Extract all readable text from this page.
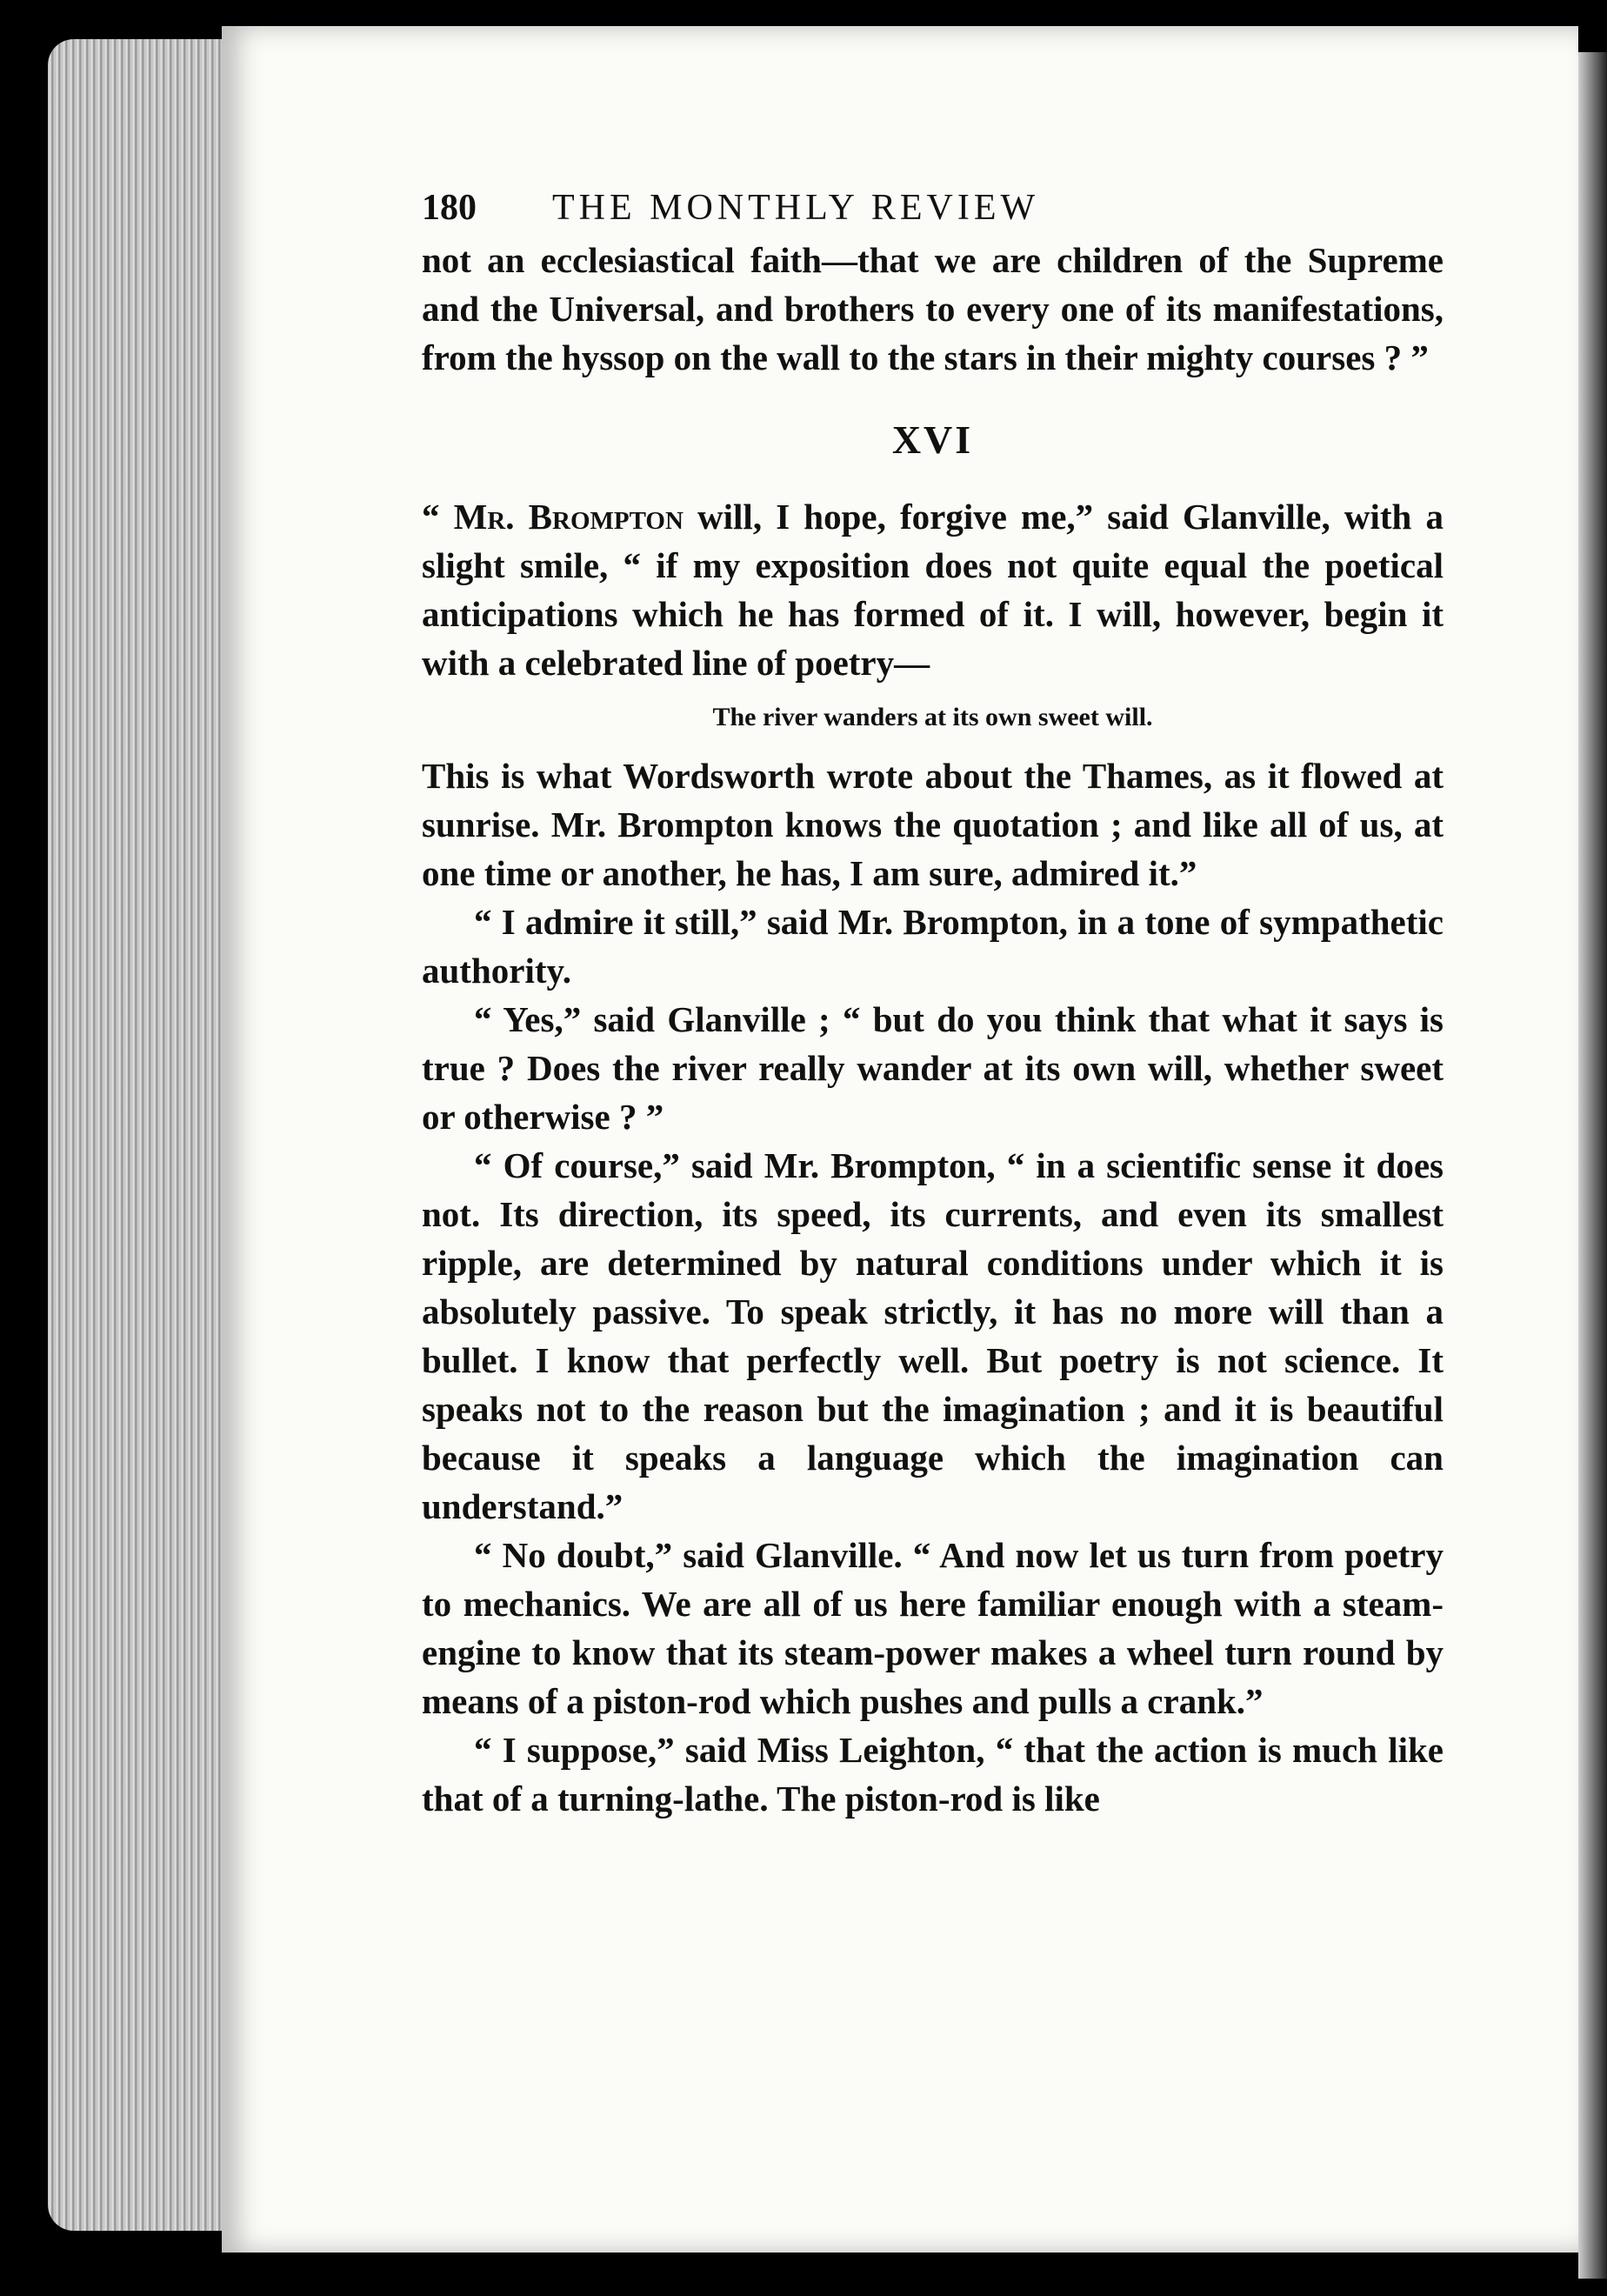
180	THE MONTHLY REVIEW

not an ecclesiastical faith—that we are children of the Supreme and the Universal, and brothers to every one of its manifestations, from the hyssop on the wall to the stars in their mighty courses ? ”

XVI

“ Mr. Brompton will, I hope, forgive me,” said Glanville, with a slight smile, “ if my exposition does not quite equal the poetical anticipations which he has formed of it. I will, however, begin it with a celebrated line of poetry—

The river wanders at its own sweet will.

This is what Wordsworth wrote about the Thames, as it flowed at sunrise. Mr. Brompton knows the quotation ; and like all of us, at one time or another, he has, I am sure, admired it.”

“ I admire it still,” said Mr. Brompton, in a tone of sympathetic authority.

“ Yes,” said Glanville ; “ but do you think that what it says is true ? Does the river really wander at its own will, whether sweet or otherwise ? ”

“ Of course,” said Mr. Brompton, “ in a scientific sense it does not. Its direction, its speed, its currents, and even its smallest ripple, are determined by natural conditions under which it is absolutely passive. To speak strictly, it has no more will than a bullet. I know that perfectly well. But poetry is not science. It speaks not to the reason but the imagination ; and it is beautiful because it speaks a language which the imagination can understand.”

“ No doubt,” said Glanville. “ And now let us turn from poetry to mechanics. We are all of us here familiar enough with a steam-engine to know that its steam-power makes a wheel turn round by means of a piston-rod which pushes and pulls a crank.”

“ I suppose,” said Miss Leighton, “ that the action is much like that of a turning-lathe. The piston-rod is like
